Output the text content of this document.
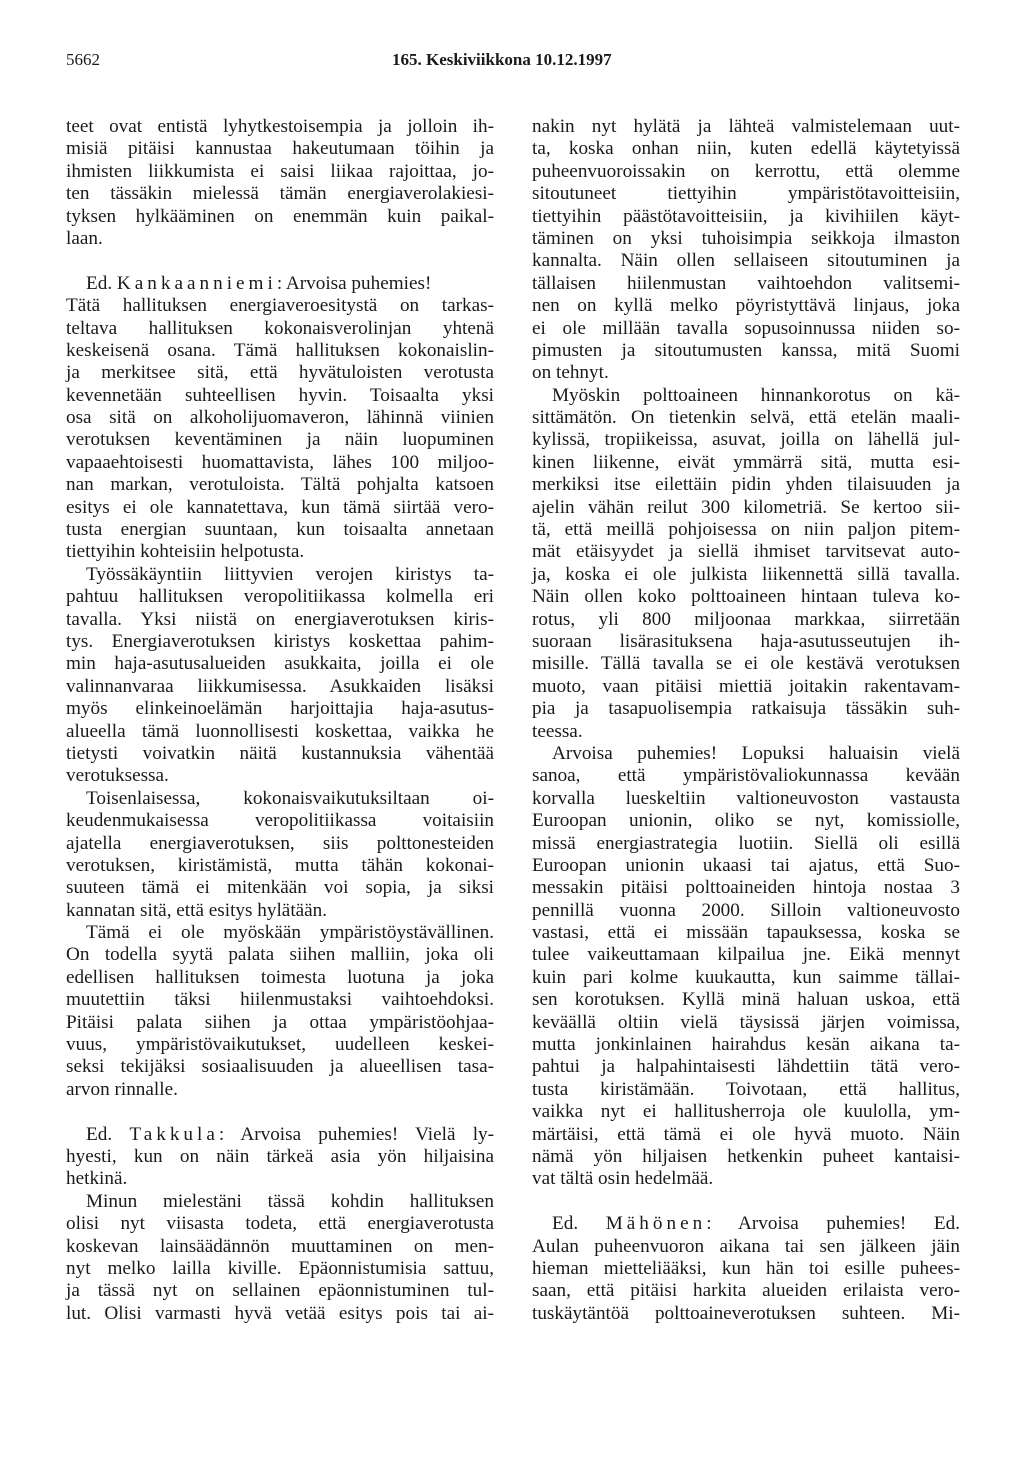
5662	165. Keskiviikkona 10.12.1997
teet ovat entistä lyhytkestoisempia ja jolloin ih-
misiä pitäisi kannustaa hakeutumaan töihin ja
ihmisten liikkumista ei saisi liikaa rajoittaa, jo-
ten tässäkin mielessä tämän energiaverolakiesi-
tyksen hylkääminen on enemmän kuin paikal-
laan.
Ed. Kankaanniemi: Arvoisa puhemies!
Tätä hallituksen energiaveroesitystä on tarkas-
teltava hallituksen kokonaisverolinjan yhtenä
keskeisenä osana. Tämä hallituksen kokonaislin-
ja merkitsee sitä, että hyvätuloisten verotusta
kevennetään suhteellisen hyvin. Toisaalta yksi
osa sitä on alkoholijuomaveron, lähinnä viinien
verotuksen keventäminen ja näin luopuminen
vapaaehtoisesti huomattavista, lähes 100 miljoo-
nan markan, verotuloista. Tältä pohjalta katsoen
esitys ei ole kannatettava, kun tämä siirtää vero-
tusta energian suuntaan, kun toisaalta annetaan
tiettyihin kohteisiin helpotusta.
Työssäkäyntiin liittyvien verojen kiristys ta-
pahtuu hallituksen veropolitiikassa kolmella eri
tavalla. Yksi niistä on energiaverotuksen kiris-
tys. Energiaverotuksen kiristys koskettaa pahim-
min haja-asutusalueiden asukkaita, joilla ei ole
valinnanvaraa liikkumisessa. Asukkaiden lisäksi
myös elinkeinoelämän harjoittajia haja-asutus-
alueella tämä luonnollisesti koskettaa, vaikka he
tietysti voivatkin näitä kustannuksia vähentää
verotuksessa.
Toisenlaisessa, kokonaisvaikutuksiltaan oi-
keudenmukaisessa veropolitiikassa voitaisiin
ajatella energiaverotuksen, siis polttonesteiden
verotuksen, kiristämistä, mutta tähän kokonai-
suuteen tämä ei mitenkään voi sopia, ja siksi
kannatan sitä, että esitys hylätään.
Tämä ei ole myöskään ympäristöystävällinen.
On todella syytä palata siihen malliin, joka oli
edellisen hallituksen toimesta luotuna ja joka
muutettiin täksi hiilenmustaksi vaihtoehdoksi.
Pitäisi palata siihen ja ottaa ympäristöohjaa-
vuus, ympäristövaikutukset, uudelleen keskei-
seksi tekijäksi sosiaalisuuden ja alueellisen tasa-
arvon rinnalle.
Ed. Takkula: Arvoisa puhemies! Vielä ly-
hyesti, kun on näin tärkeä asia yön hiljaisina
hetkinä.
Minun mielestäni tässä kohdin hallituksen
olisi nyt viisasta todeta, että energiaverotusta
koskevan lainsäädännön muuttaminen on men-
nyt melko lailla kiville. Epäonnistumisia sattuu,
ja tässä nyt on sellainen epäonnistuminen tul-
lut. Olisi varmasti hyvä vetää esitys pois tai ai-
nakin nyt hylätä ja lähteä valmistelemaan uut-
ta, koska onhan niin, kuten edellä käytetyissä
puheenvuoroissakin on kerrottu, että olemme
sitoutuneet tiettyihin ympäristötavoitteisiin,
tiettyihin päästötavoitteisiin, ja kivihiilen käyt-
täminen on yksi tuhoisimpia seikkoja ilmaston
kannalta. Näin ollen sellaiseen sitoutuminen ja
tällaisen hiilenmustan vaihtoehdon valitsemi-
nen on kyllä melko pöyristyttävä linjaus, joka
ei ole millään tavalla sopusoinnussa niiden so-
pimusten ja sitoutumusten kanssa, mitä Suomi
on tehnyt.
Myöskin polttoaineen hinnankorotus on kä-
sittämätön. On tietenkin selvä, että etelän maali-
kylissä, tropiikeissa, asuvat, joilla on lähellä jul-
kinen liikenne, eivät ymmärrä sitä, mutta esi-
merkiksi itse eilettäin pidin yhden tilaisuuden ja
ajelin vähän reilut 300 kilometriä. Se kertoo sii-
tä, että meillä pohjoisessa on niin paljon pitem-
mät etäisyydet ja siellä ihmiset tarvitsevat auto-
ja, koska ei ole julkista liikennettä sillä tavalla.
Näin ollen koko polttoaineen hintaan tuleva ko-
rotus, yli 800 miljoonaa markkaa, siirretään
suoraan lisärasituksena haja-asutusseutujen ih-
misille. Tällä tavalla se ei ole kestävä verotuksen
muoto, vaan pitäisi miettiä joitakin rakentavam-
pia ja tasapuolisempia ratkaisuja tässäkin suh-
teessa.
Arvoisa puhemies! Lopuksi haluaisin vielä
sanoa, että ympäristövaliokunnassa kevään
korvalla lueskeltiin valtioneuvoston vastausta
Euroopan unionin, oliko se nyt, komissiolle,
missä energiastrategia luotiin. Siellä oli esillä
Euroopan unionin ukaasi tai ajatus, että Suo-
messakin pitäisi polttoaineiden hintoja nostaa 3
pennillä vuonna 2000. Silloin valtioneuvosto
vastasi, että ei missään tapauksessa, koska se
tulee vaikeuttamaan kilpailua jne. Eikä mennyt
kuin pari kolme kuukautta, kun saimme tällai-
sen korotuksen. Kyllä minä haluan uskoa, että
keväällä oltiin vielä täysissä järjen voimissa,
mutta jonkinlainen hairahdus kesän aikana ta-
pahtui ja halpahintaisesti lähdettiin tätä vero-
tusta kiristämään. Toivotaan, että hallitus,
vaikka nyt ei hallitusherroja ole kuulolla, ym-
märtäisi, että tämä ei ole hyvä muoto. Näin
nämä yön hiljaisen hetkenkin puheet kantaisi-
vat tältä osin hedelmää.
Ed. Mähönen: Arvoisa puhemies! Ed.
Aulan puheenvuoron aikana tai sen jälkeen jäin
hieman mietteliääksi, kun hän toi esille puhees-
saan, että pitäisi harkita alueiden erilaista vero-
tuskäytäntöä polttoaineverotuksen suhteen. Mi-
